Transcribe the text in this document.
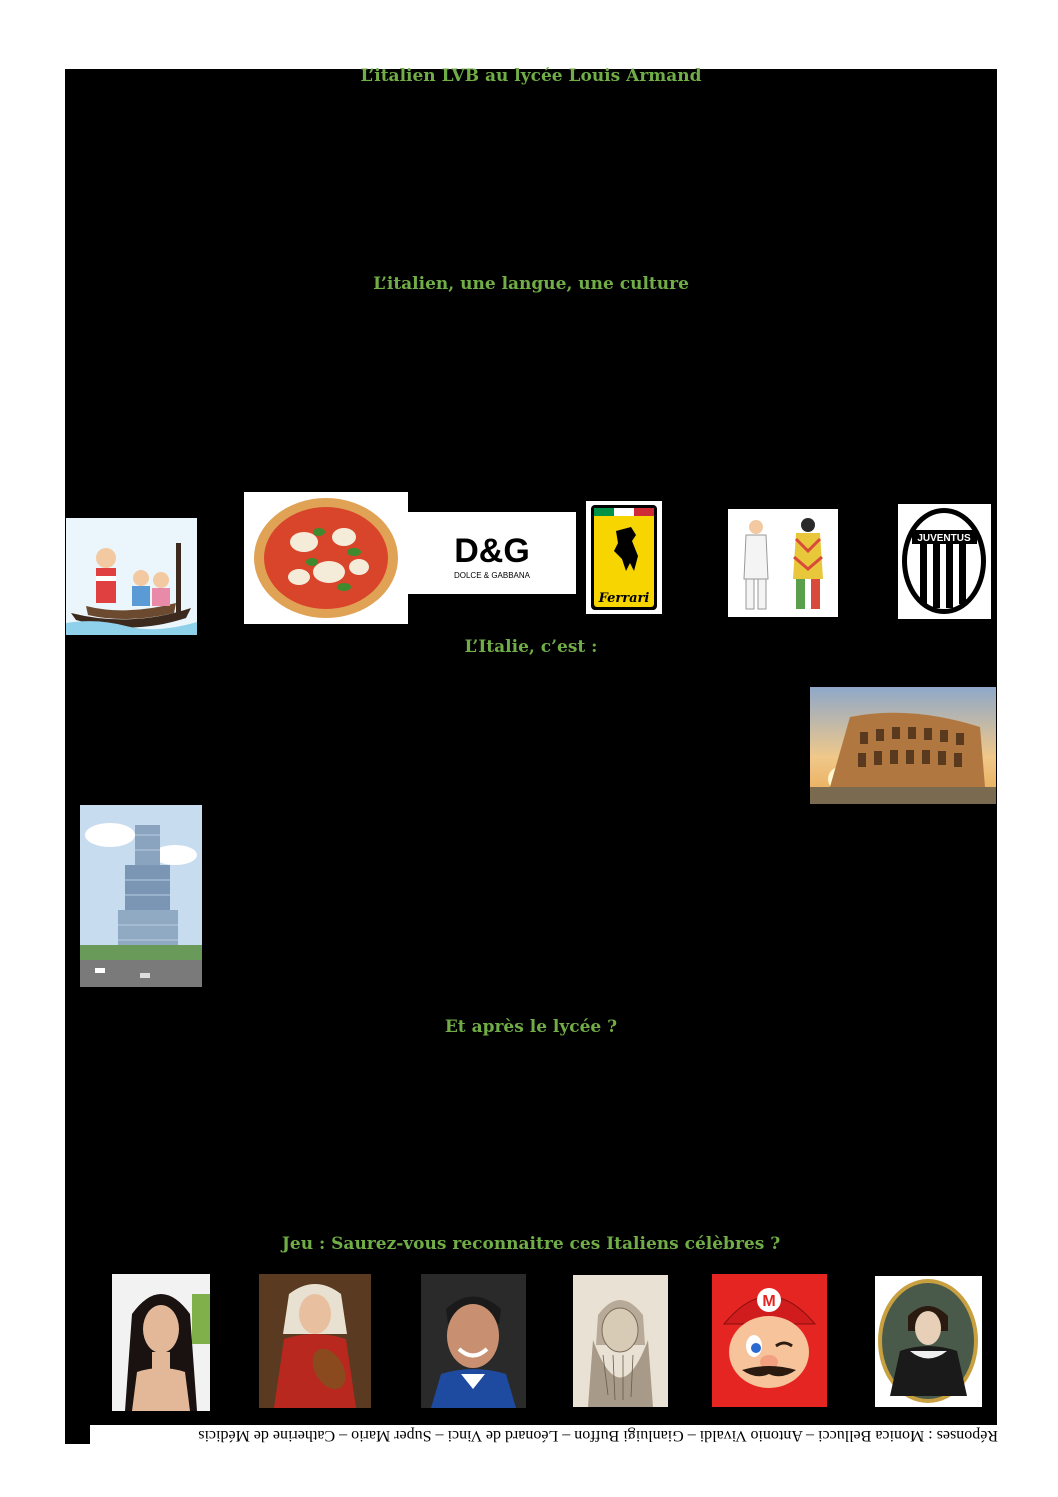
L’italien LVB au lycée Louis Armand
L’italien, une langue, une culture
L’Italie, c’est :
Et après le lycée ?
Jeu : Saurez-vous reconnaitre ces Italiens célèbres ?
D&G
DOLCE & GABBANA
Ferrari
JUVENTUS
M
Réponses : Monica Bellucci – Antonio Vivaldi – Gianluigi Buffon – Léonard de Vinci – Super Mario – Catherine de Médicis
